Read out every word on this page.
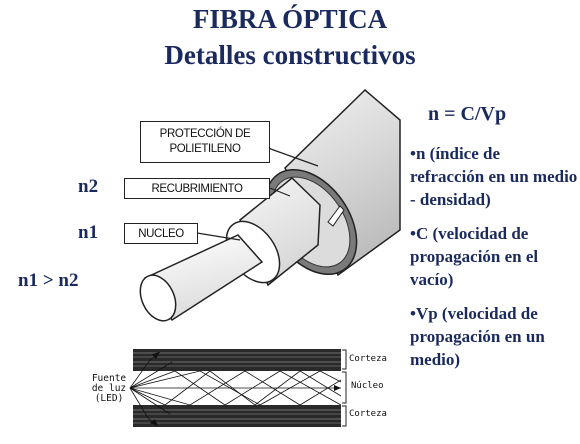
FIBRA ÓPTICA
Detalles constructivos
n2
n1
n1 > n2
PROTECCIÓN DE
POLIETILENO
RECUBRIMIENTO
NUCLEO
n = C/Vp
•n (índice de refracción en un medio - densidad)
•C (velocidad de propagación en el vacío)
•Vp (velocidad de propagación en un medio)
Fuente
de luz
(LED)
Corteza
Núcleo
Corteza
